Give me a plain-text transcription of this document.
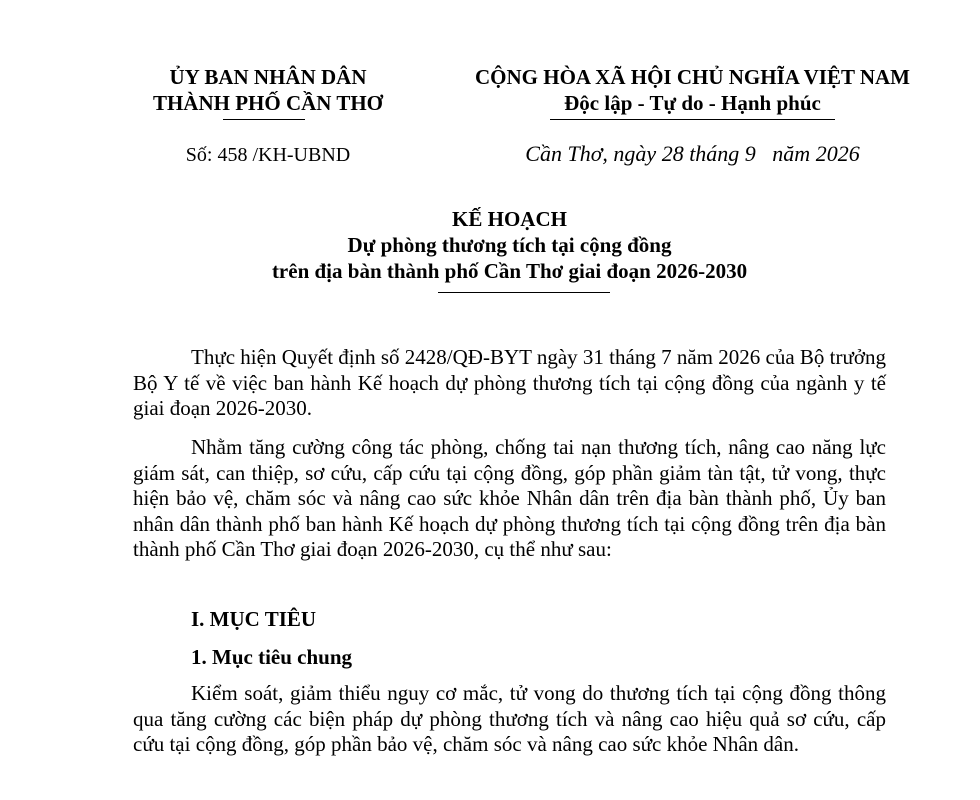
ỦY BAN NHÂN DÂN
THÀNH PHỐ CẦN THƠ
Số: 458 /KH-UBND
CỘNG HÒA XÃ HỘI CHỦ NGHĨA VIỆT NAM
Độc lập - Tự do - Hạnh phúc
Cần Thơ, ngày 28 tháng 9   năm 2026
KẾ HOẠCH
Dự phòng thương tích tại cộng đồng
trên địa bàn thành phố Cần Thơ giai đoạn 2026-2030
Thực hiện Quyết định số 2428/QĐ-BYT ngày 31 tháng 7 năm 2026 của Bộ trưởng Bộ Y tế về việc ban hành Kế hoạch dự phòng thương tích tại cộng đồng của ngành y tế giai đoạn 2026-2030.
Nhằm tăng cường công tác phòng, chống tai nạn thương tích, nâng cao năng lực giám sát, can thiệp, sơ cứu, cấp cứu tại cộng đồng, góp phần giảm tàn tật, tử vong, thực hiện bảo vệ, chăm sóc và nâng cao sức khỏe Nhân dân trên địa bàn thành phố, Ủy ban nhân dân thành phố ban hành Kế hoạch dự phòng thương tích tại cộng đồng trên địa bàn thành phố Cần Thơ giai đoạn 2026-2030, cụ thể như sau:
I. MỤC TIÊU
1. Mục tiêu chung
Kiểm soát, giảm thiểu nguy cơ mắc, tử vong do thương tích tại cộng đồng thông qua tăng cường các biện pháp dự phòng thương tích và nâng cao hiệu quả sơ cứu, cấp cứu tại cộng đồng, góp phần bảo vệ, chăm sóc và nâng cao sức khỏe Nhân dân.
